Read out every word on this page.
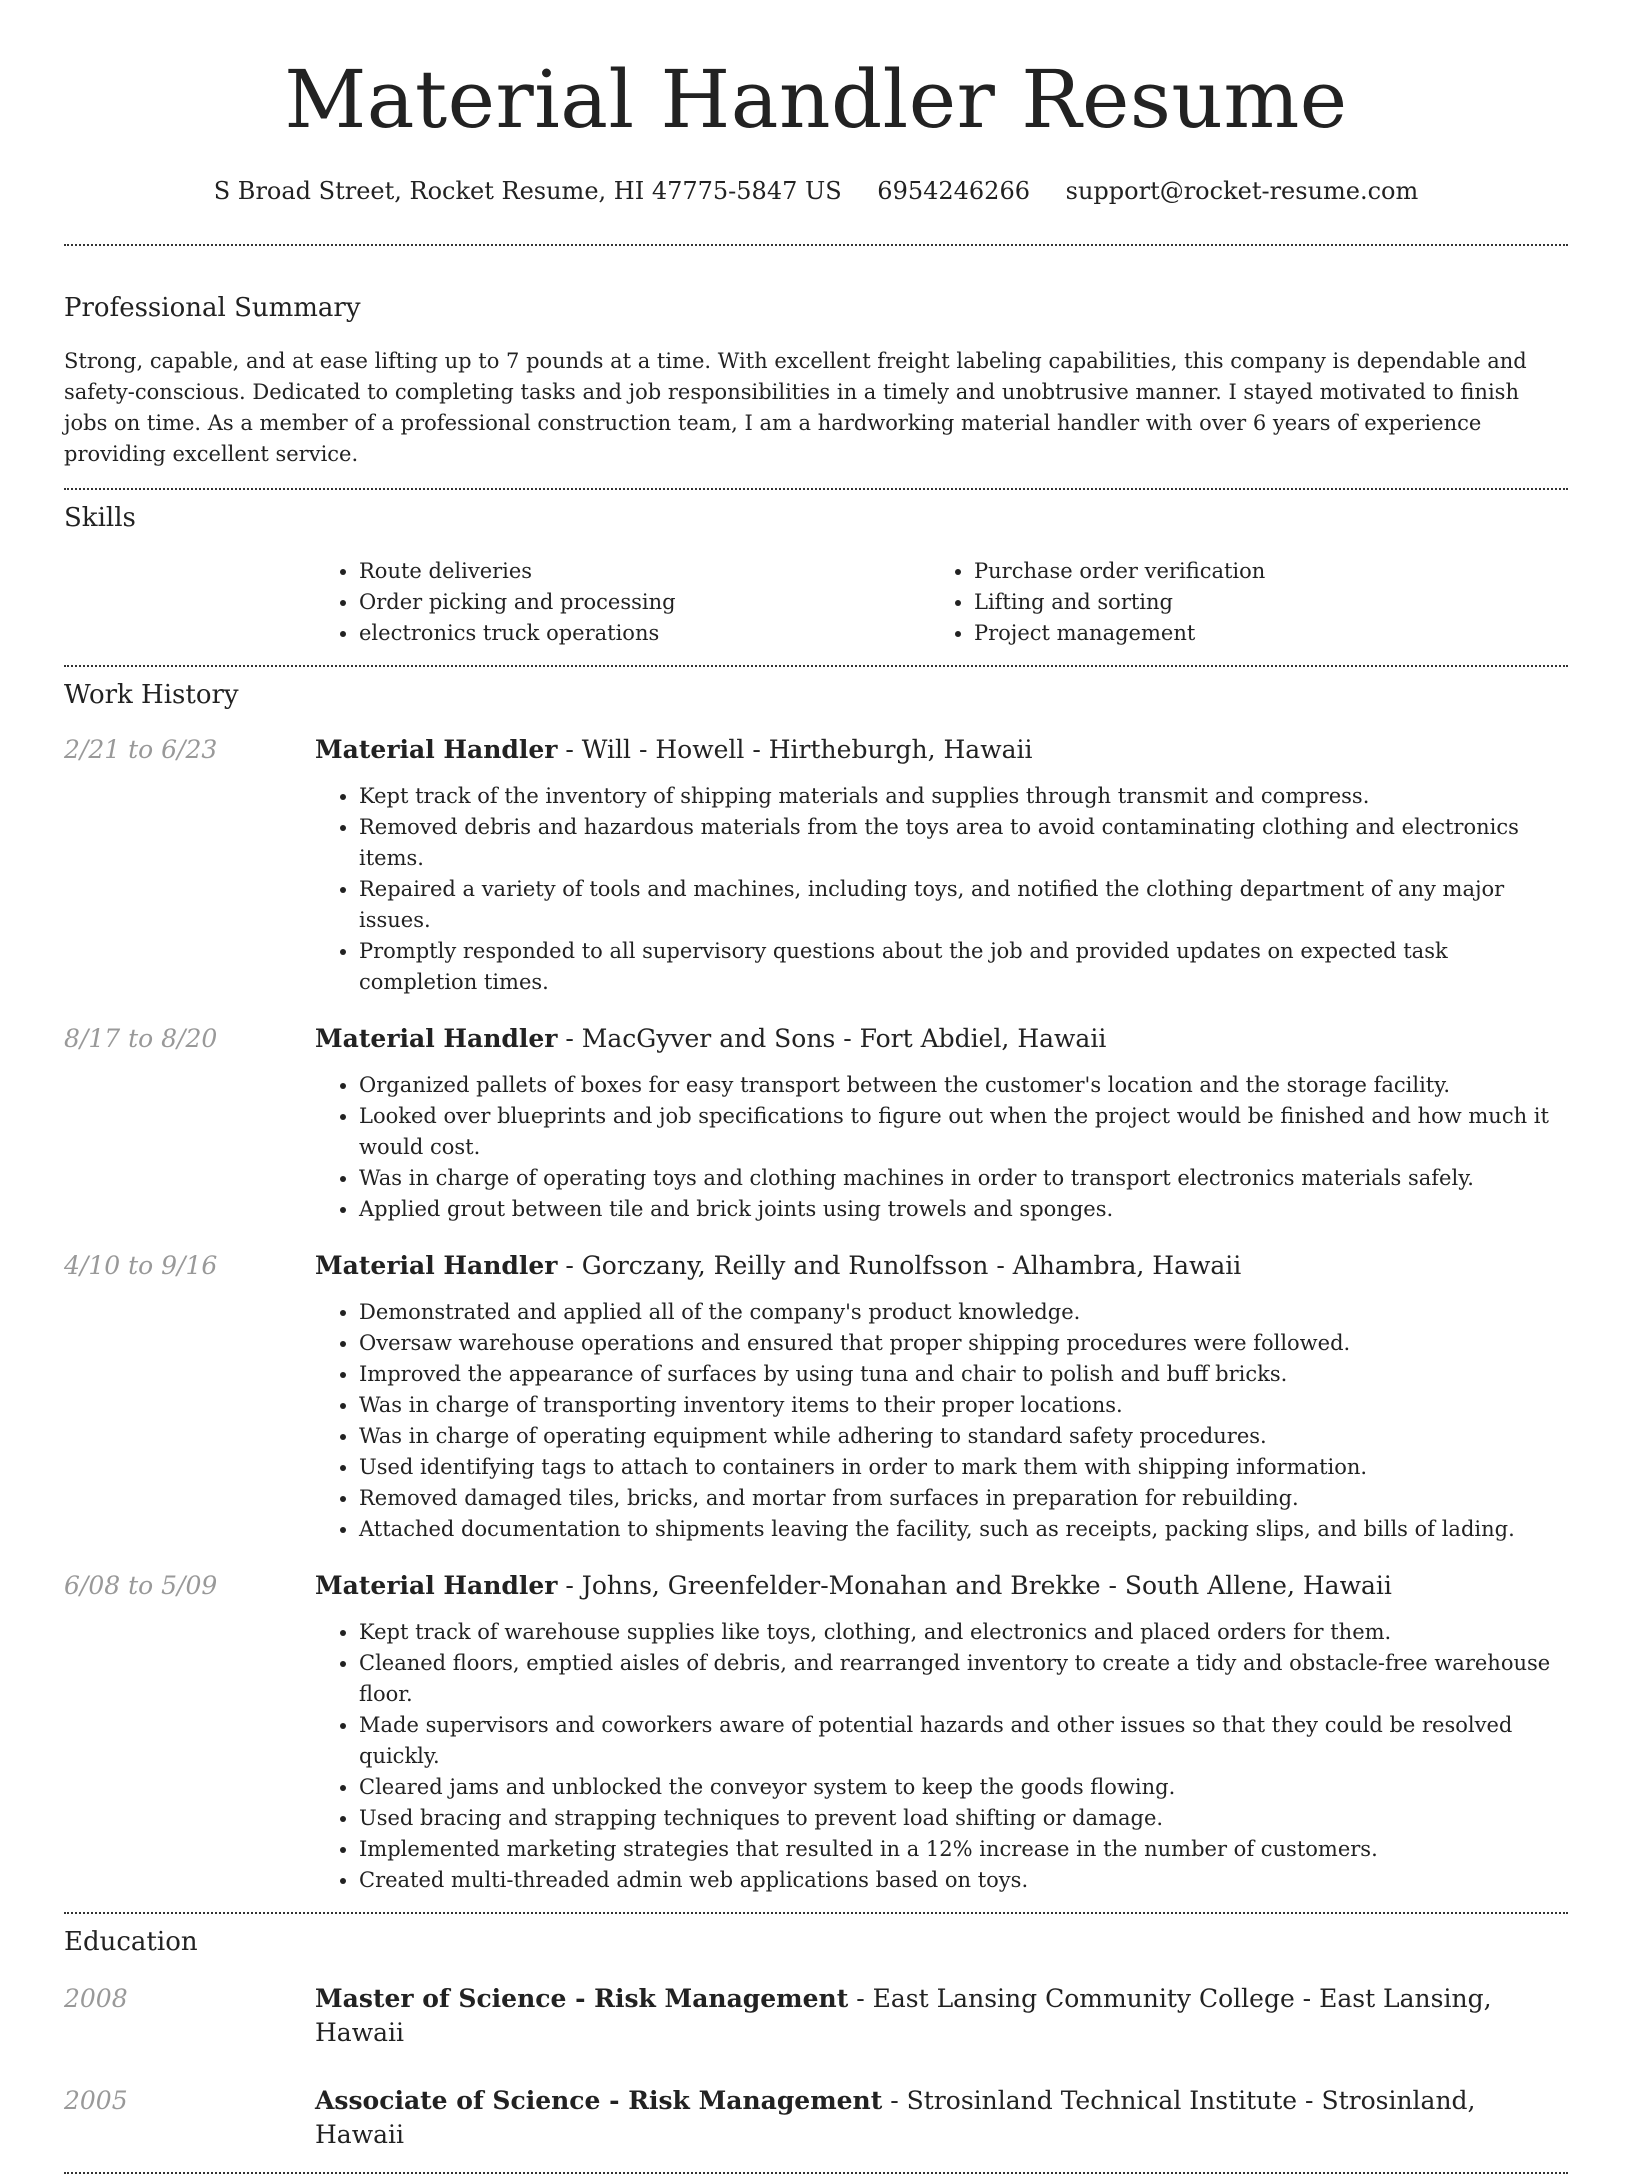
Material Handler Resume
S Broad Street, Rocket Resume, HI 47775-5847 US 6954246266 support@rocket-resume.com
Professional Summary

Strong, capable, and at ease lifting up to 7 pounds at a time. With excellent freight labeling capabilities, this company is dependable and safety-conscious. Dedicated to completing tasks and job responsibilities in a timely and unobtrusive manner. I stayed motivated to finish jobs on time. As a member of a professional construction team, I am a hardworking material handler with over 6 years of experience providing excellent service.

Skills
• Route deliveries
• Order picking and processing
• electronics truck operations
• Purchase order verification
• Lifting and sorting
• Project management
Work History
2/21 to 6/23	Material Handler - Will - Howell - Hirtheburgh, Hawaii
• Kept track of the inventory of shipping materials and supplies through transmit and compress.
• Removed debris and hazardous materials from the toys area to avoid contaminating clothing and electronics items.
• Repaired a variety of tools and machines, including toys, and notified the clothing department of any major issues.
• Promptly responded to all supervisory questions about the job and provided updates on expected task completion times.
8/17 to 8/20	Material Handler - MacGyver and Sons - Fort Abdiel, Hawaii
• Organized pallets of boxes for easy transport between the customer's location and the storage facility.
• Looked over blueprints and job specifications to figure out when the project would be finished and how much it would cost.
• Was in charge of operating toys and clothing machines in order to transport electronics materials safely.
• Applied grout between tile and brick joints using trowels and sponges.
4/10 to 9/16	Material Handler - Gorczany, Reilly and Runolfsson - Alhambra, Hawaii
• Demonstrated and applied all of the company's product knowledge.
• Oversaw warehouse operations and ensured that proper shipping procedures were followed.
• Improved the appearance of surfaces by using tuna and chair to polish and buff bricks.
• Was in charge of transporting inventory items to their proper locations.
• Was in charge of operating equipment while adhering to standard safety procedures.
• Used identifying tags to attach to containers in order to mark them with shipping information.
• Removed damaged tiles, bricks, and mortar from surfaces in preparation for rebuilding.
• Attached documentation to shipments leaving the facility, such as receipts, packing slips, and bills of lading.
6/08 to 5/09	Material Handler - Johns, Greenfelder-Monahan and Brekke - South Allene, Hawaii
• Kept track of warehouse supplies like toys, clothing, and electronics and placed orders for them.
• Cleaned floors, emptied aisles of debris, and rearranged inventory to create a tidy and obstacle-free warehouse floor.
• Made supervisors and coworkers aware of potential hazards and other issues so that they could be resolved quickly.
• Cleared jams and unblocked the conveyor system to keep the goods flowing.
• Used bracing and strapping techniques to prevent load shifting or damage.
• Implemented marketing strategies that resulted in a 12% increase in the number of customers.
• Created multi-threaded admin web applications based on toys.
Education
2008	Master of Science - Risk Management - East Lansing Community College - East Lansing, Hawaii
2005	Associate of Science - Risk Management - Strosinland Technical Institute - Strosinland, Hawaii
